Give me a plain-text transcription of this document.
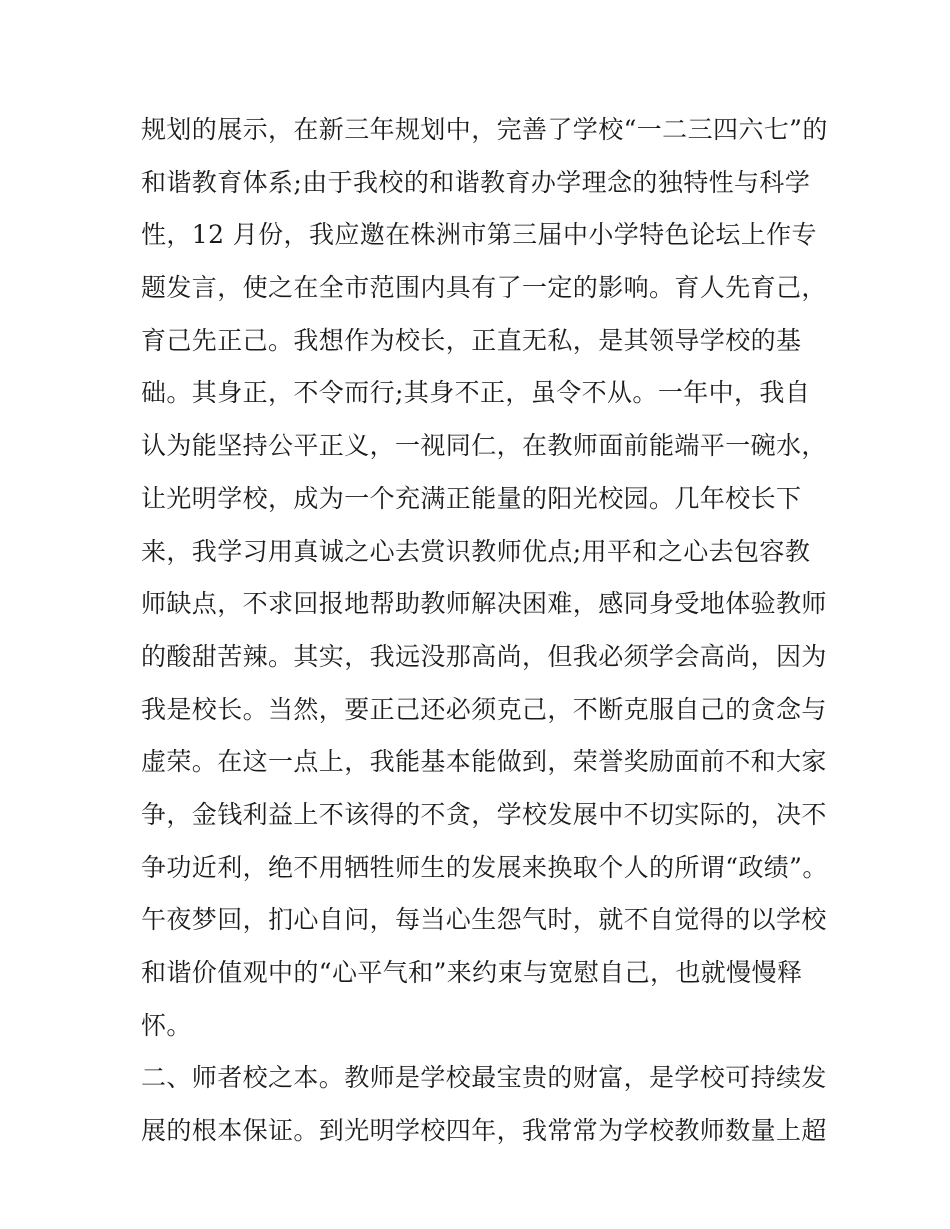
规划的展示，在新三年规划中，完善了学校“一二三四六七”的
和谐教育体系;由于我校的和谐教育办学理念的独特性与科学
性，12 月份，我应邀在株洲市第三届中小学特色论坛上作专
题发言，使之在全市范围内具有了一定的影响。育人先育己，
育己先正己。我想作为校长，正直无私，是其领导学校的基
础。其身正，不令而行;其身不正，虽令不从。一年中，我自
认为能坚持公平正义，一视同仁，在教师面前能端平一碗水，
让光明学校，成为一个充满正能量的阳光校园。几年校长下
来，我学习用真诚之心去赏识教师优点;用平和之心去包容教
师缺点，不求回报地帮助教师解决困难，感同身受地体验教师
的酸甜苦辣。其实，我远没那高尚，但我必须学会高尚，因为
我是校长。当然，要正己还必须克己，不断克服自己的贪念与
虚荣。在这一点上，我能基本能做到，荣誉奖励面前不和大家
争，金钱利益上不该得的不贪，学校发展中不切实际的，决不
争功近利，绝不用牺牲师生的发展来换取个人的所谓“政绩”。
午夜梦回，扪心自问，每当心生怨气时，就不自觉得的以学校
和谐价值观中的“心平气和”来约束与宽慰自己，也就慢慢释
怀。
二、师者校之本。教师是学校最宝贵的财富，是学校可持续发
展的根本保证。到光明学校四年，我常常为学校教师数量上超
